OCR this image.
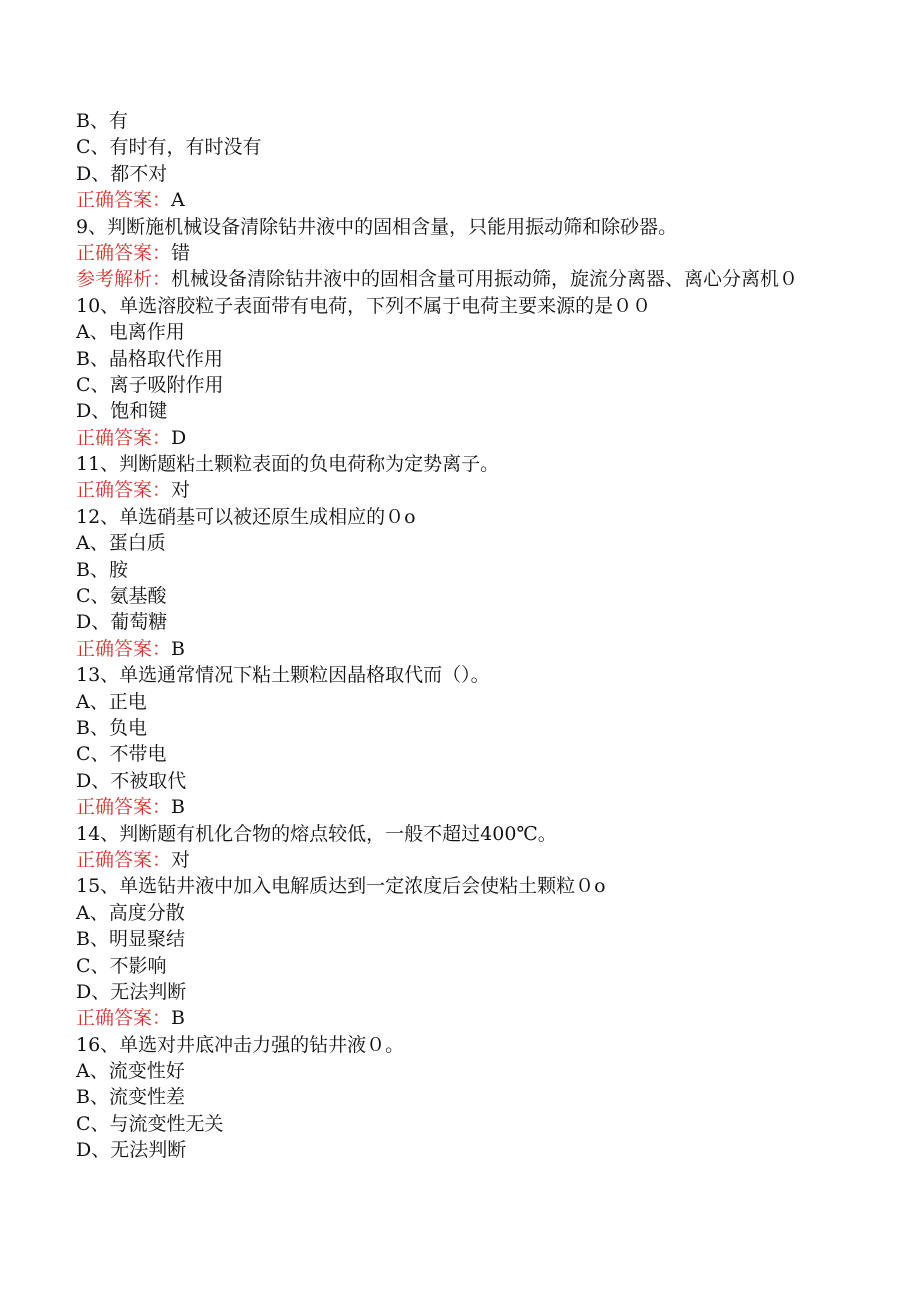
B、有
C、有时有，有时没有
D、都不对
正确答案：A
9、判断施机械设备清除钻井液中的固相含量，只能用振动筛和除砂器。
正确答案：错
参考解析：机械设备清除钻井液中的固相含量可用振动筛，旋流分离器、离心分离机０
10、单选溶胶粒子表面带有电荷，下列不属于电荷主要来源的是００
A、电离作用
B、晶格取代作用
C、离子吸附作用
D、饱和键
正确答案：D
11、判断题粘土颗粒表面的负电荷称为定势离子。
正确答案：对
12、单选硝基可以被还原生成相应的０o
A、蛋白质
B、胺
C、氨基酸
D、葡萄糖
正确答案：B
13、单选通常情况下粘土颗粒因晶格取代而（）。
A、正电
B、负电
C、不带电
D、不被取代
正确答案：B
14、判断题有机化合物的熔点较低，一般不超过400℃。
正确答案：对
15、单选钻井液中加入电解质达到一定浓度后会使粘土颗粒０o
A、高度分散
B、明显聚结
C、不影响
D、无法判断
正确答案：B
16、单选对井底冲击力强的钻井液０。
A、流变性好
B、流变性差
C、与流变性无关
D、无法判断
